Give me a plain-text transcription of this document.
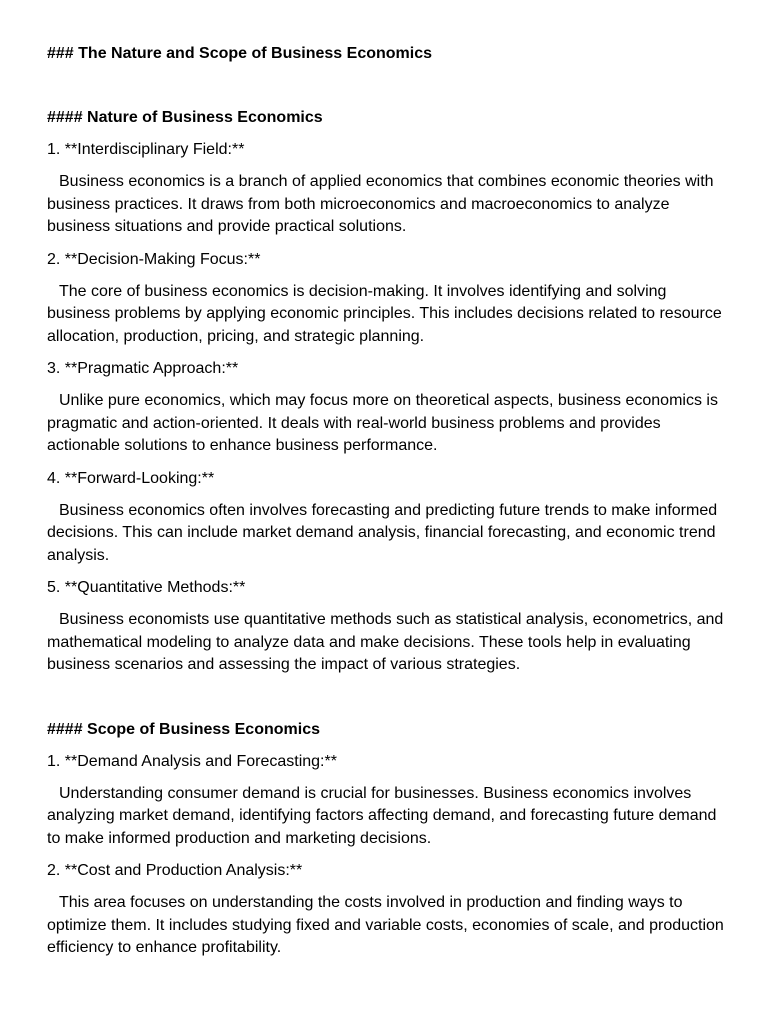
### The Nature and Scope of Business Economics

#### Nature of Business Economics

1. **Interdisciplinary Field:**

Business economics is a branch of applied economics that combines economic theories with business practices. It draws from both microeconomics and macroeconomics to analyze business situations and provide practical solutions.

2. **Decision-Making Focus:**

The core of business economics is decision-making. It involves identifying and solving business problems by applying economic principles. This includes decisions related to resource allocation, production, pricing, and strategic planning.

3. **Pragmatic Approach:**

Unlike pure economics, which may focus more on theoretical aspects, business economics is pragmatic and action-oriented. It deals with real-world business problems and provides actionable solutions to enhance business performance.

4. **Forward-Looking:**

Business economics often involves forecasting and predicting future trends to make informed decisions. This can include market demand analysis, financial forecasting, and economic trend analysis.

5. **Quantitative Methods:**

Business economists use quantitative methods such as statistical analysis, econometrics, and mathematical modeling to analyze data and make decisions. These tools help in evaluating business scenarios and assessing the impact of various strategies.

#### Scope of Business Economics

1. **Demand Analysis and Forecasting:**

Understanding consumer demand is crucial for businesses. Business economics involves analyzing market demand, identifying factors affecting demand, and forecasting future demand to make informed production and marketing decisions.

2. **Cost and Production Analysis:**

This area focuses on understanding the costs involved in production and finding ways to optimize them. It includes studying fixed and variable costs, economies of scale, and production efficiency to enhance profitability.
